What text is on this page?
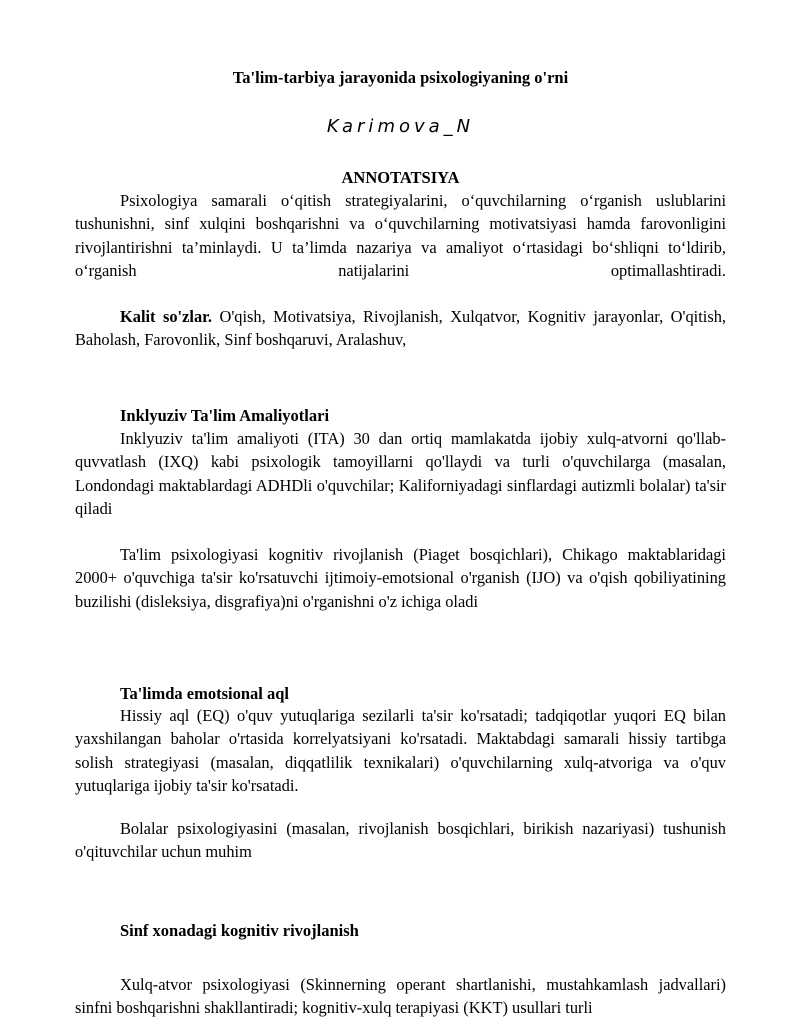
Ta'lim-tarbiya jarayonida psixologiyaning o'rni
Karimova_N
ANNOTATSIYA

Psixologiya samarali o‘qitish strategiyalarini, o‘quvchilarning o‘rganish uslublarini tushunishni, sinf xulqini boshqarishni va o‘quvchilarning motivatsiyasi hamda farovonligini rivojlantirishni ta’minlaydi. U ta’limda nazariya va amaliyot o‘rtasidagi bo‘shliqni to‘ldirib, o‘rganish natijalarini optimallashtiradi.

Kalit so'zlar. O'qish, Motivatsiya, Rivojlanish, Xulqatvor, Kognitiv jarayonlar, O'qitish, Baholash, Farovonlik, Sinf boshqaruvi, Aralashuv,

Inklyuziv Ta'lim Amaliyotlari

Inklyuziv ta'lim amaliyoti (ITA) 30 dan ortiq mamlakatda ijobiy xulq-atvorni qo'llab-quvvatlash (IXQ) kabi psixologik tamoyillarni qo'llaydi va turli o'quvchilarga (masalan, Londondagi maktablardagi ADHDli o'quvchilar; Kaliforniyadagi sinflardagi autizmli bolalar) ta'sir qiladi

Ta'lim psixologiyasi kognitiv rivojlanish (Piaget bosqichlari), Chikago maktablaridagi 2000+ o'quvchiga ta'sir ko'rsatuvchi ijtimoiy-emotsional o'rganish (IJO) va o'qish qobiliyatining buzilishi (disleksiya, disgrafiya)ni o'rganishni o'z ichiga oladi

Ta'limda emotsional aql

Hissiy aql (EQ) o'quv yutuqlariga sezilarli ta'sir ko'rsatadi; tadqiqotlar yuqori EQ bilan yaxshilangan baholar o'rtasida korrelyatsiyani ko'rsatadi. Maktabdagi samarali hissiy tartibga solish strategiyasi (masalan, diqqatlilik texnikalari) o'quvchilarning xulq-atvoriga va o'quv yutuqlariga ijobiy ta'sir ko'rsatadi.

Bolalar psixologiyasini (masalan, rivojlanish bosqichlari, birikish nazariyasi) tushunish o'qituvchilar uchun muhim

Sinf xonadagi kognitiv rivojlanish

Xulq-atvor psixologiyasi (Skinnerning operant shartlanishi, mustahkamlash jadvallari) sinfni boshqarishni shakllantiradi; kognitiv-xulq terapiyasi (KKT) usullari turli
